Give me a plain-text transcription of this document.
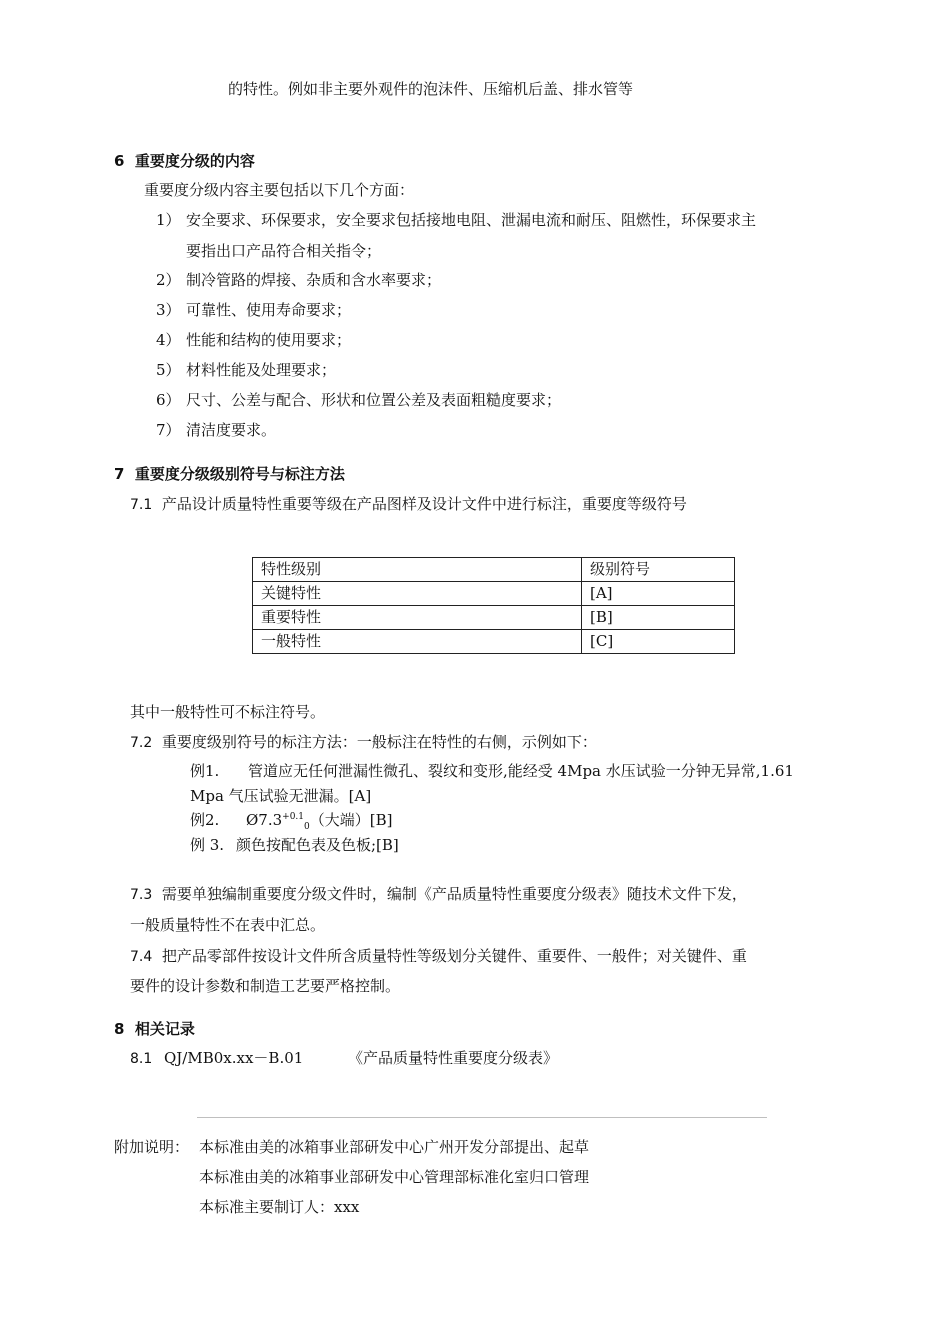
的特性。例如非主要外观件的泡沫件、压缩机后盖、排水管等
6 重要度分级的内容
重要度分级内容主要包括以下几个方面：
1） 安全要求、环保要求，安全要求包括接地电阻、泄漏电流和耐压、阻燃性，环保要求主
要指出口产品符合相关指令；
2） 制冷管路的焊接、杂质和含水率要求；
3） 可靠性、使用寿命要求；
4） 性能和结构的使用要求；
5） 材料性能及处理要求；
6） 尺寸、公差与配合、形状和位置公差及表面粗糙度要求；
7） 清洁度要求。
7 重要度分级级别符号与标注方法
7.1 产品设计质量特性重要等级在产品图样及设计文件中进行标注，重要度等级符号
特性级别	级别符号
关键特性	[A]
重要特性	[B]
一般特性	[C]
其中一般特性可不标注符号。
7.2 重要度级别符号的标注方法：一般标注在特性的右侧，示例如下：
例1. 管道应无任何泄漏性微孔、裂纹和变形,能经受 4Mpa 水压试验一分钟无异常,1.61
Mpa 气压试验无泄漏。[A]
例2. $Ø7.3^{+0.1}_0$（大端）[B]
例 3. 颜色按配色表及色板;[B]
7.3 需要单独编制重要度分级文件时，编制《产品质量特性重要度分级表》随技术文件下发，
一般质量特性不在表中汇总。
7.4 把产品零部件按设计文件所含质量特性等级划分关键件、重要件、一般件；对关键件、重
要件的设计参数和制造工艺要严格控制。
8 相关记录
8.1 QJ/MB0x.xx－B.01	《产品质量特性重要度分级表》
附加说明： 本标准由美的冰箱事业部研发中心广州开发分部提出、起草
本标准由美的冰箱事业部研发中心管理部标准化室归口管理
本标准主要制订人：xxx
